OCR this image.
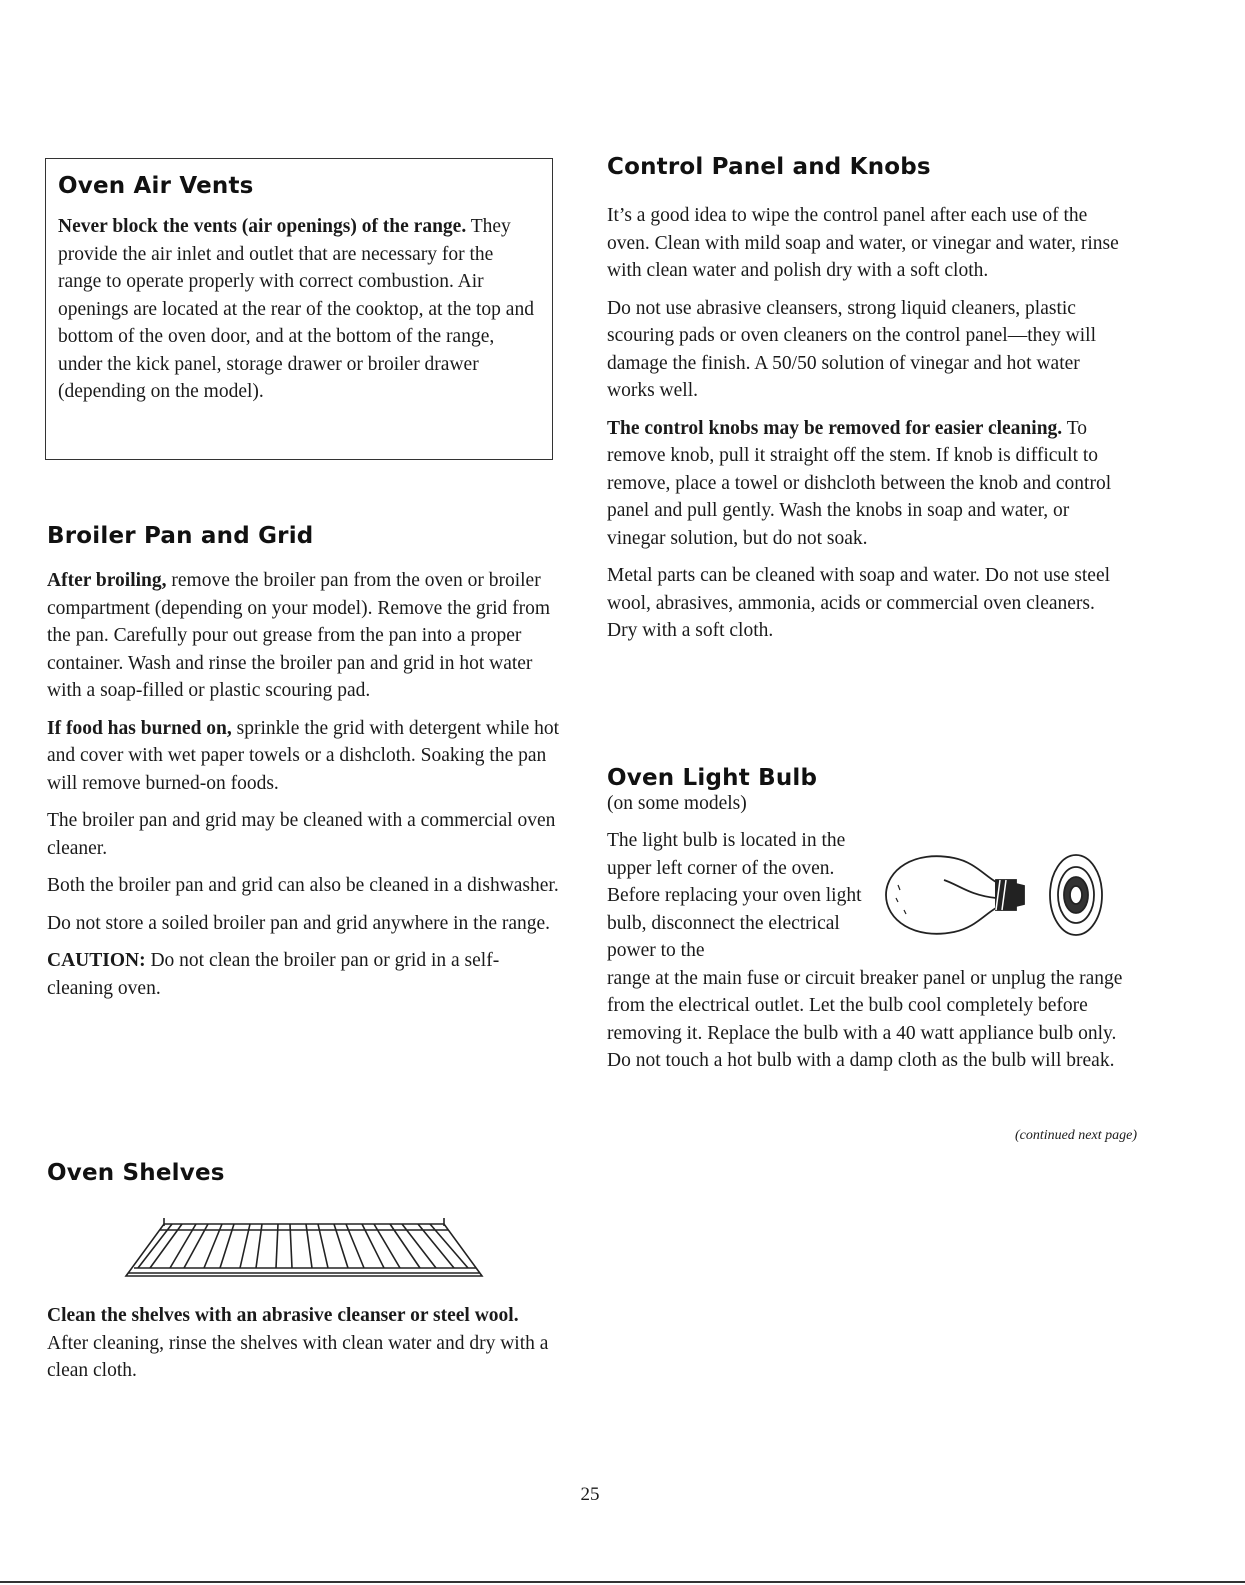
Oven Air Vents

Never block the vents (air openings) of the range. They provide the air inlet and outlet that are necessary for the range to operate properly with correct combustion. Air openings are located at the rear of the cooktop, at the top and bottom of the oven door, and at the bottom of the range, under the kick panel, storage drawer or broiler drawer (depending on the model).

Broiler Pan and Grid

After broiling, remove the broiler pan from the oven or broiler compartment (depending on your model). Remove the grid from the pan. Carefully pour out grease from the pan into a proper container. Wash and rinse the broiler pan and grid in hot water with a soap-filled or plastic scouring pad.

If food has burned on, sprinkle the grid with detergent while hot and cover with wet paper towels or a dishcloth. Soaking the pan will remove burned-on foods.

The broiler pan and grid may be cleaned with a commercial oven cleaner.

Both the broiler pan and grid can also be cleaned in a dishwasher.

Do not store a soiled broiler pan and grid anywhere in the range.

CAUTION: Do not clean the broiler pan or grid in a self-cleaning oven.

Oven Shelves

Clean the shelves with an abrasive cleanser or steel wool. After cleaning, rinse the shelves with clean water and dry with a clean cloth.

Control Panel and Knobs

It’s a good idea to wipe the control panel after each use of the oven. Clean with mild soap and water, or vinegar and water, rinse with clean water and polish dry with a soft cloth.

Do not use abrasive cleansers, strong liquid cleaners, plastic scouring pads or oven cleaners on the control panel—they will damage the finish. A 50/50 solution of vinegar and hot water works well.

The control knobs may be removed for easier cleaning. To remove knob, pull it straight off the stem. If knob is difficult to remove, place a towel or dishcloth between the knob and control panel and pull gently. Wash the knobs in soap and water, or vinegar solution, but do not soak.

Metal parts can be cleaned with soap and water. Do not use steel wool, abrasives, ammonia, acids or commercial oven cleaners. Dry with a soft cloth.

Oven Light Bulb
(on some models)

The light bulb is located in the upper left corner of the oven. Before replacing your oven light bulb, disconnect the electrical power to the

range at the main fuse or circuit breaker panel or unplug the range from the electrical outlet. Let the bulb cool completely before removing it. Replace the bulb with a 40 watt appliance bulb only. Do not touch a hot bulb with a damp cloth as the bulb will break.

(continued next page)
25
